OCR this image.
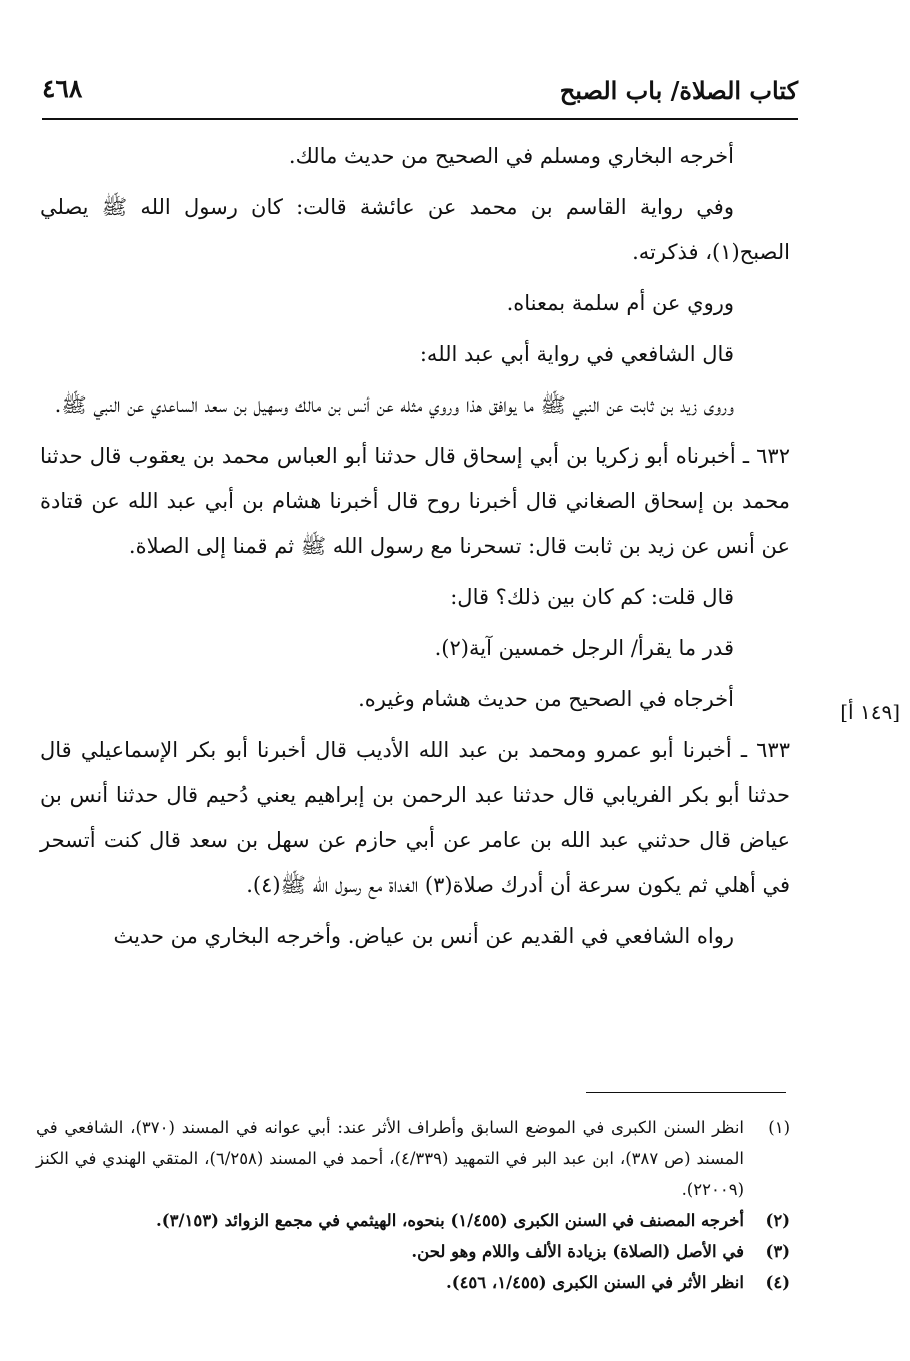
كتاب الصلاة/ باب الصبح
٤٦٨

أخرجه البخاري ومسلم في الصحيح من حديث مالك.

وفي رواية القاسم بن محمد عن عائشة قالت: كان رسول الله ﷺ يصلي الصبح(١)، فذكرته.

وروي عن أم سلمة بمعناه.

قال الشافعي في رواية أبي عبد الله:

وروى زيد بن ثابت عن النبي ﷺ ما يوافق هذا وروي مثله عن أنس بن مالك وسهيل بن سعد الساعدي عن النبي ﷺ.

٦٣٢ ـ أخبرناه أبو زكريا بن أبي إسحاق قال حدثنا أبو العباس محمد بن يعقوب قال حدثنا محمد بن إسحاق الصغاني قال أخبرنا روح قال أخبرنا هشام بن أبي عبد الله عن قتادة عن أنس عن زيد بن ثابت قال: تسحرنا مع رسول الله ﷺ ثم قمنا إلى الصلاة.

قال قلت: كم كان بين ذلك؟ قال:

قدر ما يقرأ/ الرجل خمسين آية(٢).

أخرجاه في الصحيح من حديث هشام وغيره.

٦٣٣ ـ أخبرنا أبو عمرو ومحمد بن عبد الله الأديب قال أخبرنا أبو بكر الإسماعيلي قال حدثنا أبو بكر الفريابي قال حدثنا عبد الرحمن بن إبراهيم يعني دُحيم قال حدثنا أنس بن عياض قال حدثني عبد الله بن عامر عن أبي حازم عن سهل بن سعد قال كنت أتسحر في أهلي ثم يكون سرعة أن أدرك صلاة(٣) الغداة مع رسول الله ﷺ(٤).

رواه الشافعي في القديم عن أنس بن عياض. وأخرجه البخاري من حديث

[١٤٩ أ]
(١)
انظر السنن الكبرى في الموضع السابق وأطراف الأثر عند: أبي عوانه في المسند (٣٧٠)، الشافعي في المسند (ص ٣٨٧)، ابن عبد البر في التمهيد (٤/٣٣٩)، أحمد في المسند (٦/٢٥٨)، المتقي الهندي في الكنز (٢٢٠٠٩).
(٢)
أخرجه المصنف في السنن الكبرى (١/٤٥٥) بنحوه، الهيثمي في مجمع الزوائد (٣/١٥٣).
(٣)
في الأصل (الصلاة) بزيادة الألف واللام وهو لحن.
(٤)
انظر الأثر في السنن الكبرى (١/٤٥٥، ٤٥٦).
